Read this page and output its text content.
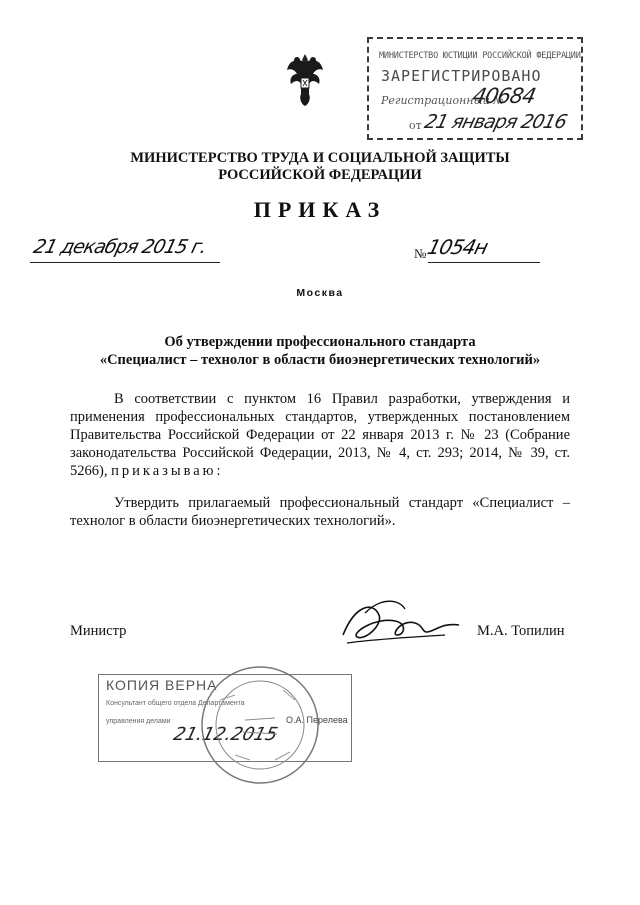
МИНИСТЕРСТВО ЮСТИЦИИ РОССИЙСКОЙ ФЕДЕРАЦИИ
ЗАРЕГИСТРИРОВАНО
Регистрационный №
40684
от 21 января 2016
МИНИСТЕРСТВО ТРУДА И СОЦИАЛЬНОЙ ЗАЩИТЫ
РОССИЙСКОЙ ФЕДЕРАЦИИ
ПРИКАЗ
21 декабря 2015 г.	№
1054н
Москва
Об утверждении профессионального стандарта
«Специалист – технолог в области биоэнергетических технологий»
В соответствии с пунктом 16 Правил разработки, утверждения и применения профессиональных стандартов, утвержденных постановлением Правительства Российской Федерации от 22 января 2013 г. № 23 (Собрание законодательства Российской Федерации, 2013, № 4, ст. 293; 2014, № 39, ст. 5266), приказываю:
Утвердить прилагаемый профессиональный стандарт «Специалист – технолог в области биоэнергетических технологий».
Министр	М.А. Топилин
КОПИЯ ВЕРНА
Консультант общего отдела Департамента
управления делами	О.А. Перелева
21.12.2015
